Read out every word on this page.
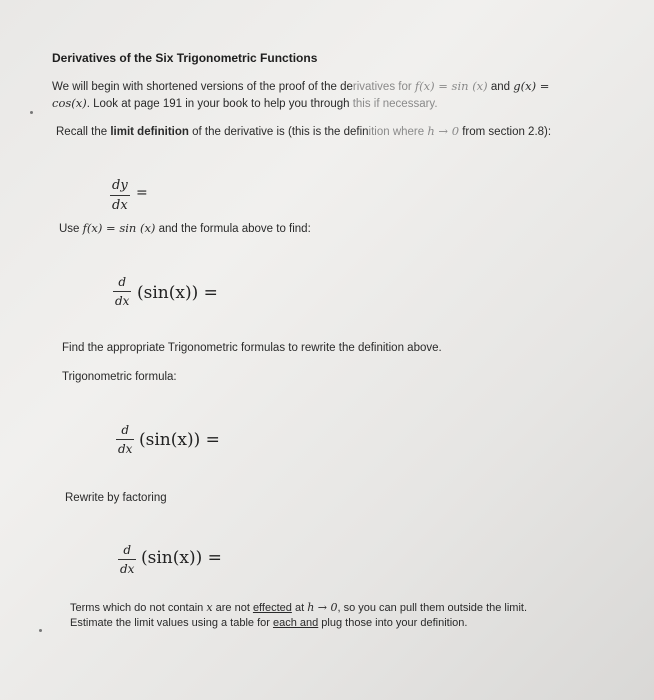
Derivatives of the Six Trigonometric Functions
We will begin with shortened versions of the proof of the derivatives for f(x) = sin (x) and g(x) =
cos(x). Look at page 191 in your book to help you through this if necessary.
Recall the limit definition of the derivative is (this is the definition where h → 0 from section 2.8):
dy
dx
=
Use f(x) = sin (x) and the formula above to find:
d
dx (sin(x)) =
Find the appropriate Trigonometric formulas to rewrite the definition above.
Trigonometric formula:
d
dx (sin(x)) =
Rewrite by factoring
d
dx
(sin(x)) =
Terms which do not contain x are not effected at h → 0, so you can pull them outside the limit.
Estimate the limit values using a table for each and plug those into your definition.
